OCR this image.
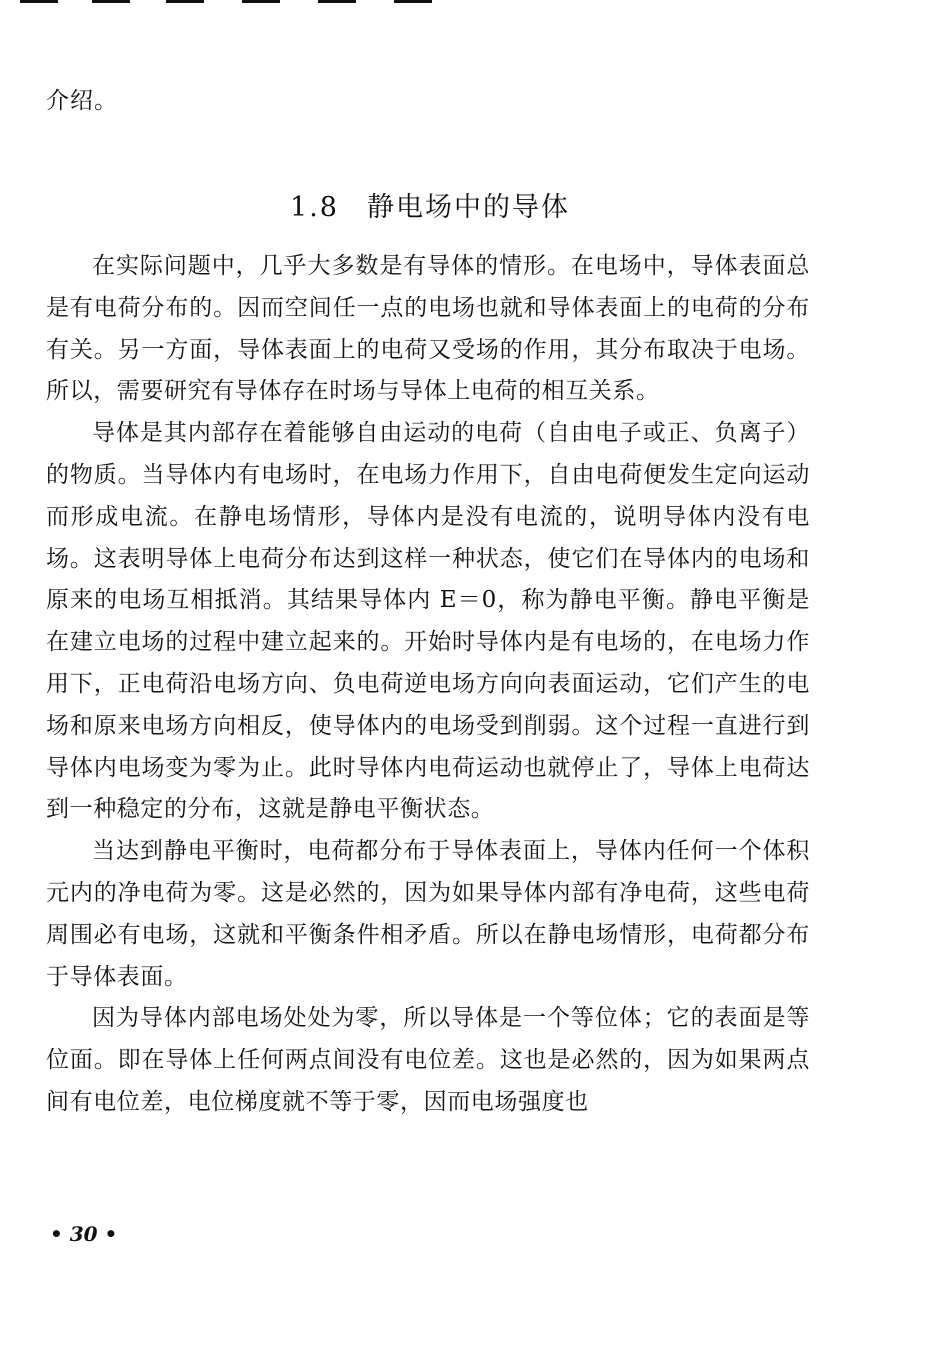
介绍。
1.8 静电场中的导体

在实际问题中，几乎大多数是有导体的情形。在电场中，导体表面总是有电荷分布的。因而空间任一点的电场也就和导体表面上的电荷的分布有关。另一方面，导体表面上的电荷又受场的作用，其分布取决于电场。所以，需要研究有导体存在时场与导体上电荷的相互关系。

导体是其内部存在着能够自由运动的电荷（自由电子或正、负离子）的物质。当导体内有电场时，在电场力作用下，自由电荷便发生定向运动而形成电流。在静电场情形，导体内是没有电流的，说明导体内没有电场。这表明导体上电荷分布达到这样一种状态，使它们在导体内的电场和原来的电场互相抵消。其结果导体内 E＝0，称为静电平衡。静电平衡是在建立电场的过程中建立起来的。开始时导体内是有电场的，在电场力作用下，正电荷沿电场方向、负电荷逆电场方向向表面运动，它们产生的电场和原来电场方向相反，使导体内的电场受到削弱。这个过程一直进行到导体内电场变为零为止。此时导体内电荷运动也就停止了，导体上电荷达到一种稳定的分布，这就是静电平衡状态。

当达到静电平衡时，电荷都分布于导体表面上，导体内任何一个体积元内的净电荷为零。这是必然的，因为如果导体内部有净电荷，这些电荷周围必有电场，这就和平衡条件相矛盾。所以在静电场情形，电荷都分布于导体表面。

因为导体内部电场处处为零，所以导体是一个等位体；它的表面是等位面。即在导体上任何两点间没有电位差。这也是必然的，因为如果两点间有电位差，电位梯度就不等于零，因而电场强度也

• 30 •
